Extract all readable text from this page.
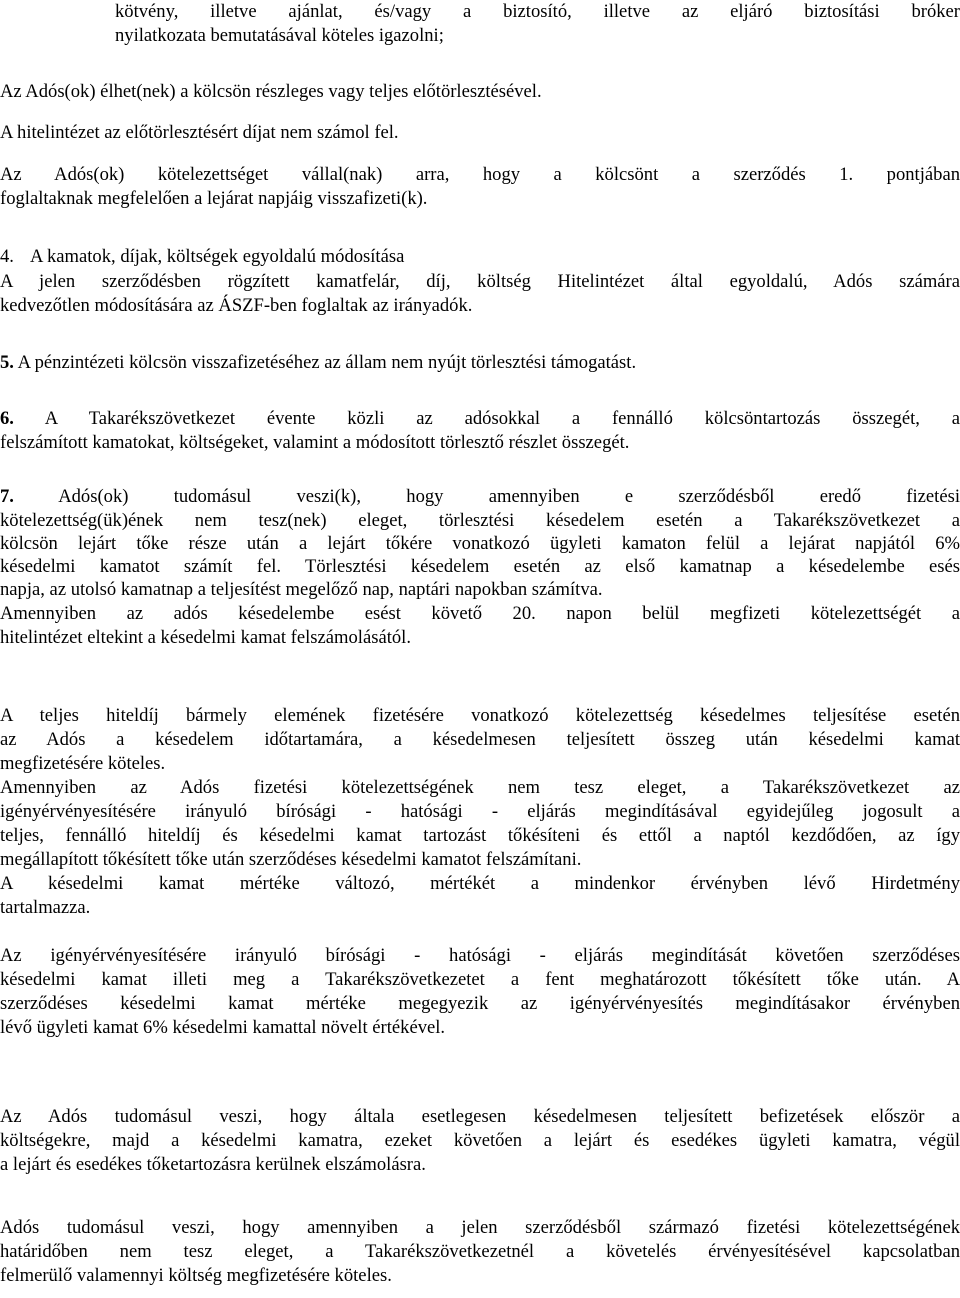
kötvény, illetve ajánlat, és/vagy a biztosító, illetve az eljáró biztosítási bróker
nyilatkozata bemutatásával köteles igazolni;
Az Adós(ok) élhet(nek) a kölcsön részleges vagy teljes előtörlesztésével.
A hitelintézet az előtörlesztésért díjat nem számol fel.
Az Adós(ok) kötelezettséget vállal(nak) arra, hogy a kölcsönt a szerződés 1. pontjában
foglaltaknak megfelelően a lejárat napjáig visszafizeti(k).
4. A kamatok, díjak, költségek egyoldalú módosítása
A jelen szerződésben rögzített kamatfelár, díj, költség Hitelintézet által egyoldalú, Adós számára
kedvezőtlen módosítására az ÁSZF-ben foglaltak az irányadók.
5. A pénzintézeti kölcsön visszafizetéséhez az állam nem nyújt törlesztési támogatást.
6. A Takarékszövetkezet évente közli az adósokkal a fennálló kölcsöntartozás összegét, a
felszámított kamatokat, költségeket, valamint a módosított törlesztő részlet összegét.
7. Adós(ok) tudomásul veszi(k), hogy amennyiben e szerződésből eredő fizetési
kötelezettség(ük)ének nem tesz(nek) eleget, törlesztési késedelem esetén a Takarékszövetkezet a
kölcsön lejárt tőke része után a lejárt tőkére vonatkozó ügyleti kamaton felül a lejárat napjától 6%
késedelmi kamatot számít fel. Törlesztési késedelem esetén az első kamatnap a késedelembe esés
napja, az utolsó kamatnap a teljesítést megelőző nap, naptári napokban számítva.
Amennyiben az adós késedelembe esést követő 20. napon belül megfizeti kötelezettségét a
hitelintézet eltekint a késedelmi kamat felszámolásától.
A teljes hiteldíj bármely elemének fizetésére vonatkozó kötelezettség késedelmes teljesítése esetén
az Adós a késedelem időtartamára, a késedelmesen teljesített összeg után késedelmi kamat
megfizetésére köteles.
Amennyiben az Adós fizetési kötelezettségének nem tesz eleget, a Takarékszövetkezet az
igényérvényesítésére irányuló bírósági - hatósági - eljárás megindításával egyidejűleg jogosult a
teljes, fennálló hiteldíj és késedelmi kamat tartozást tőkésíteni és ettől a naptól kezdődően, az így
megállapított tőkésített tőke után szerződéses késedelmi kamatot felszámítani.
A késedelmi kamat mértéke változó, mértékét a mindenkor érvényben lévő Hirdetmény
tartalmazza.
Az igényérvényesítésére irányuló bírósági - hatósági - eljárás megindítását követően szerződéses
késedelmi kamat illeti meg a Takarékszövetkezetet a fent meghatározott tőkésített tőke után. A
szerződéses késedelmi kamat mértéke megegyezik az igényérvényesítés megindításakor érvényben
lévő ügyleti kamat 6% késedelmi kamattal növelt értékével.
Az Adós tudomásul veszi, hogy általa esetlegesen késedelmesen teljesített befizetések először a
költségekre, majd a késedelmi kamatra, ezeket követően a lejárt és esedékes ügyleti kamatra, végül
a lejárt és esedékes tőketartozásra kerülnek elszámolásra.
Adós tudomásul veszi, hogy amennyiben a jelen szerződésből származó fizetési kötelezettségének
határidőben nem tesz eleget, a Takarékszövetkezetnél a követelés érvényesítésével kapcsolatban
felmerülő valamennyi költség megfizetésére köteles.
